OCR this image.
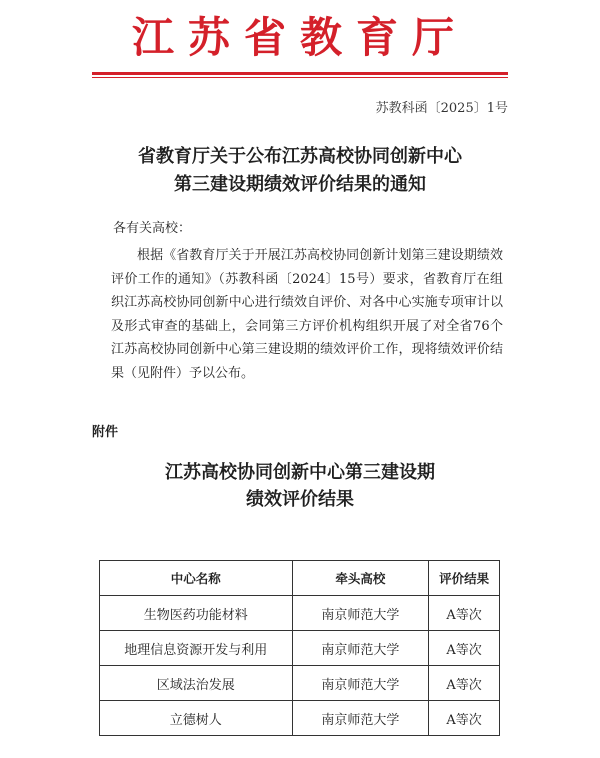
江苏省教育厅
苏教科函〔2025〕1号
省教育厅关于公布江苏高校协同创新中心
第三建设期绩效评价结果的通知
各有关高校：
根据《省教育厅关于开展江苏高校协同创新计划第三建设期绩效评价工作的通知》（苏教科函〔2024〕15号）要求，省教育厅在组织江苏高校协同创新中心进行绩效自评价、对各中心实施专项审计以及形式审查的基础上，会同第三方评价机构组织开展了对全省76个江苏高校协同创新中心第三建设期的绩效评价工作，现将绩效评价结果（见附件）予以公布。
附件
江苏高校协同创新中心第三建设期
绩效评价结果
中心名称	牵头高校	评价结果
生物医药功能材料	南京师范大学	A等次
地理信息资源开发与利用	南京师范大学	A等次
区域法治发展	南京师范大学	A等次
立德树人	南京师范大学	A等次
